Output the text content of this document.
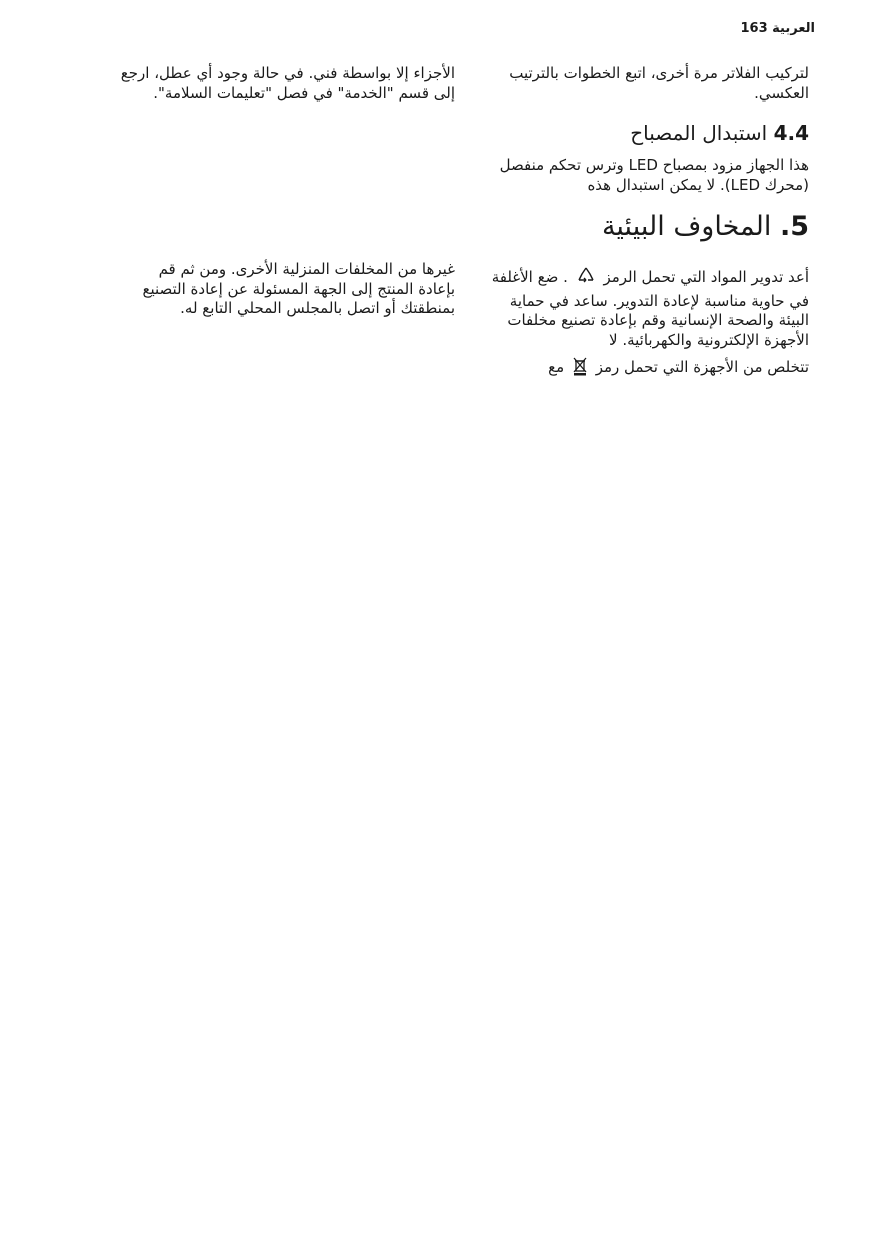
163 العربية

لتركيب الفلاتر مرة أخرى، اتبع الخطوات بالترتيب العكسي.

4.4 استبدال المصباح

هذا الجهاز مزود بمصباح LED وترس تحكم منفصل (محرك LED). لا يمكن استبدال هذه

5. المخاوف البيئية

أعد تدوير المواد التي تحمل الرمز  . ضع الأغلفة في حاوية مناسبة لإعادة التدوير. ساعد في حماية البيئة والصحة الإنسانية وقم بإعادة تصنيع مخلفات الأجهزة الإلكترونية والكهربائية. لا

تتخلص من الأجهزة التي تحمل رمز  مع

الأجزاء إلا بواسطة فني. في حالة وجود أي عطل، ارجع إلى قسم "الخدمة" في فصل "تعليمات السلامة".

غيرها من المخلفات المنزلية الأخرى. ومن ثم قم بإعادة المنتج إلى الجهة المسئولة عن إعادة التصنيع بمنطقتك أو اتصل بالمجلس المحلي التابع له.
